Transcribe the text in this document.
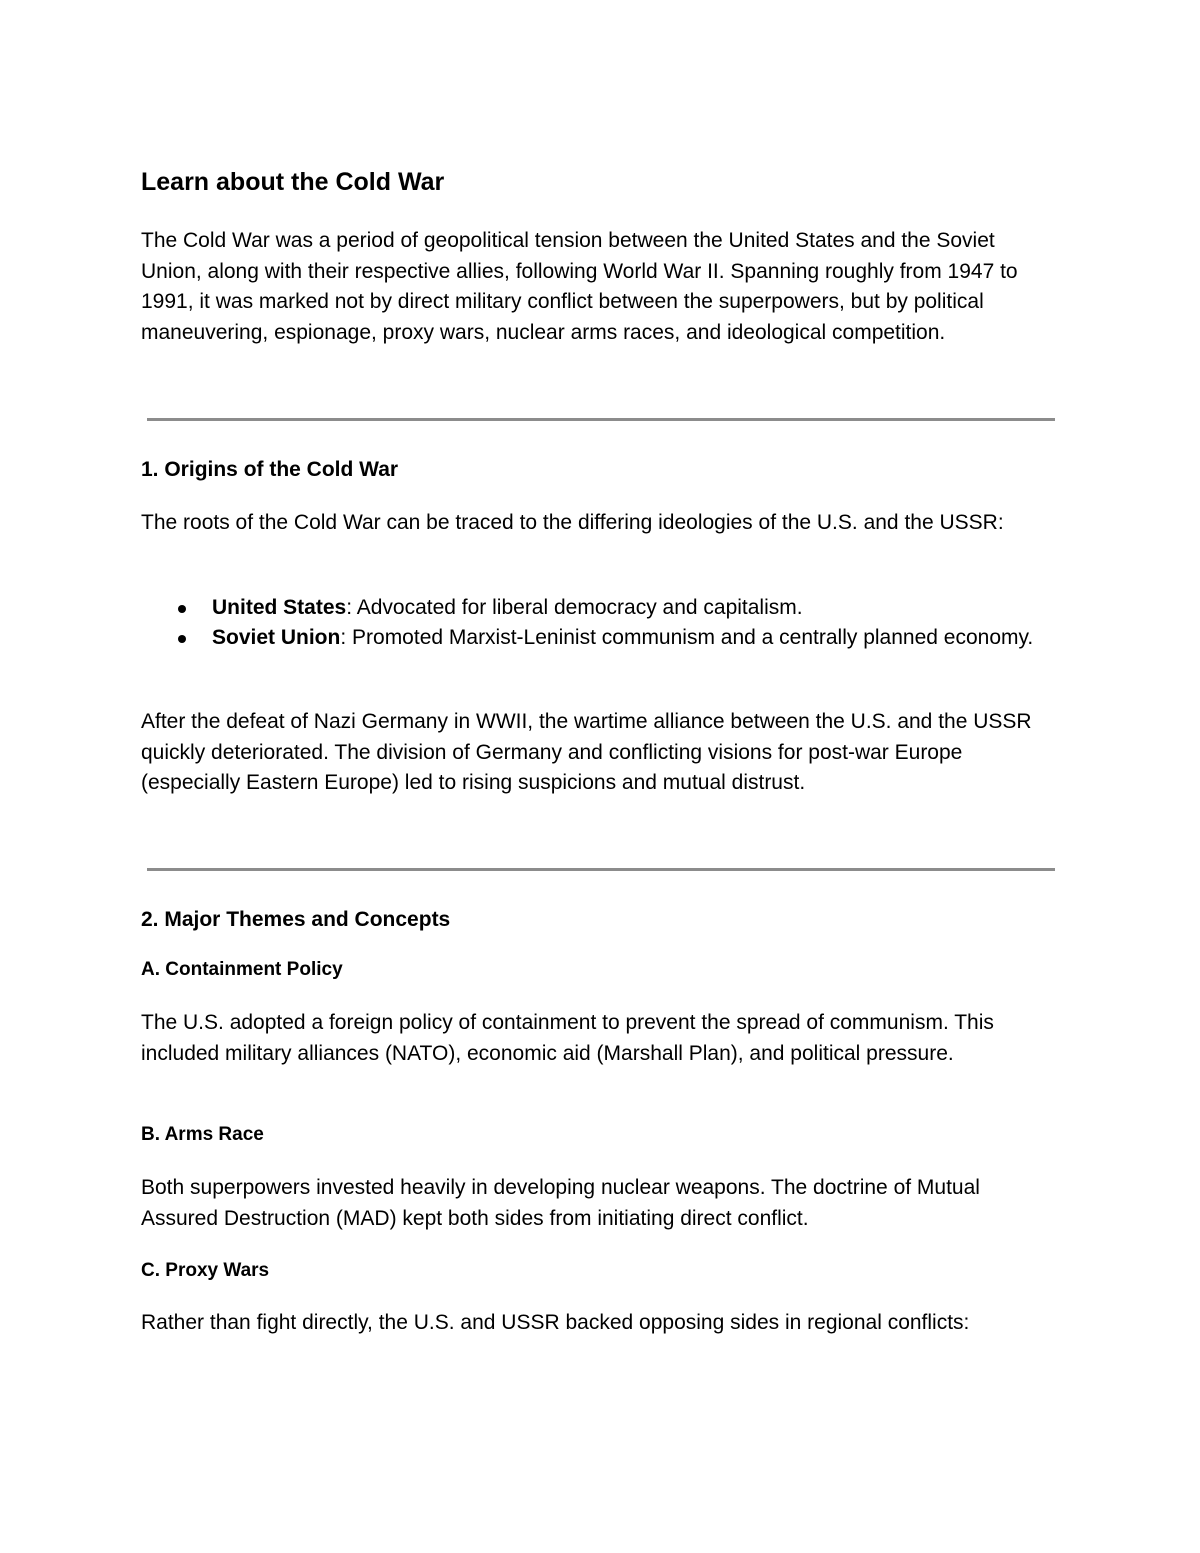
Learn about the Cold War

The Cold War was a period of geopolitical tension between the United States and the Soviet Union, along with their respective allies, following World War II. Spanning roughly from 1947 to 1991, it was marked not by direct military conflict between the superpowers, but by political maneuvering, espionage, proxy wars, nuclear arms races, and ideological competition.

1. Origins of the Cold War

The roots of the Cold War can be traced to the differing ideologies of the U.S. and the USSR:

United States: Advocated for liberal democracy and capitalism.
Soviet Union: Promoted Marxist-Leninist communism and a centrally planned economy.

After the defeat of Nazi Germany in WWII, the wartime alliance between the U.S. and the USSR quickly deteriorated. The division of Germany and conflicting visions for post-war Europe (especially Eastern Europe) led to rising suspicions and mutual distrust.

2. Major Themes and Concepts
A. Containment Policy

The U.S. adopted a foreign policy of containment to prevent the spread of communism. This included military alliances (NATO), economic aid (Marshall Plan), and political pressure.

B. Arms Race

Both superpowers invested heavily in developing nuclear weapons. The doctrine of Mutual Assured Destruction (MAD) kept both sides from initiating direct conflict.

C. Proxy Wars

Rather than fight directly, the U.S. and USSR backed opposing sides in regional conflicts:
